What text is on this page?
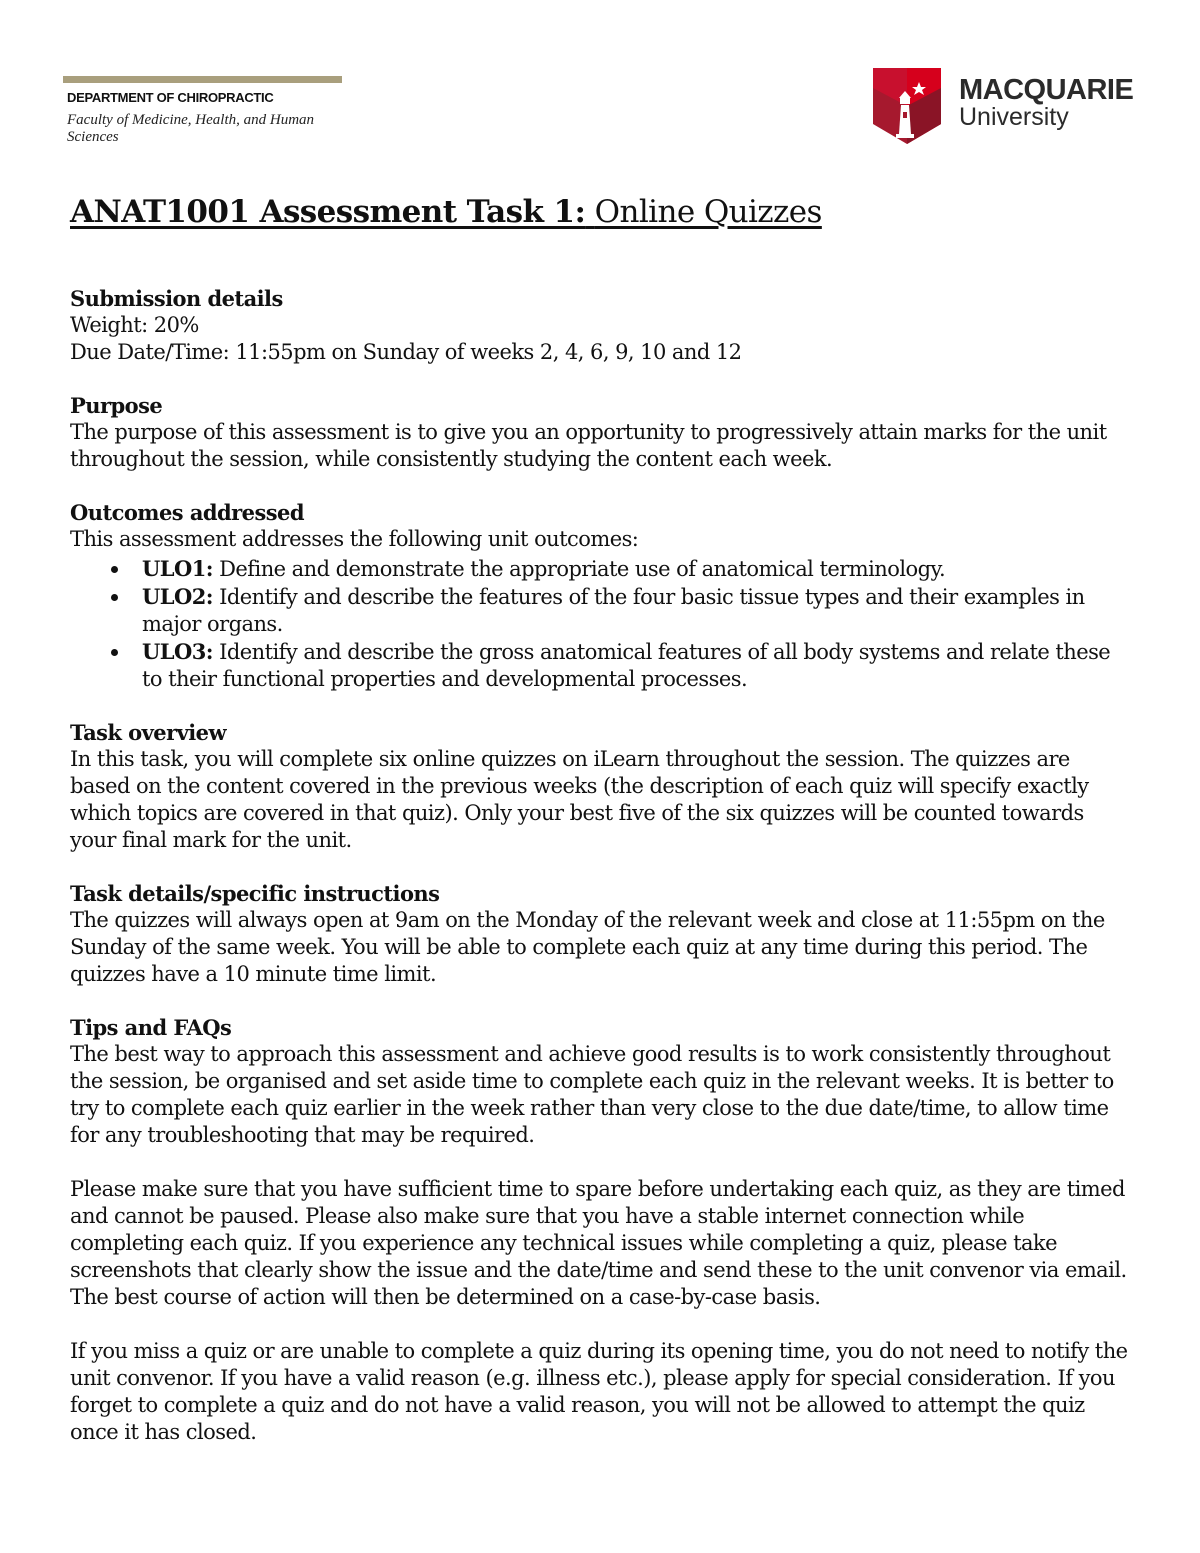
DEPARTMENT OF CHIROPRACTIC
Faculty of Medicine, Health, and Human Sciences
MACQUARIE
University
ANAT1001 Assessment Task 1: Online Quizzes

Submission details

Weight: 20%

Due Date/Time: 11:55pm on Sunday of weeks 2, 4, 6, 9, 10 and 12

Purpose

The purpose of this assessment is to give you an opportunity to progressively attain marks for the unit throughout the session, while consistently studying the content each week.

Outcomes addressed

This assessment addresses the following unit outcomes:

ULO1: Define and demonstrate the appropriate use of anatomical terminology.
ULO2: Identify and describe the features of the four basic tissue types and their examples in major organs.
ULO3: Identify and describe the gross anatomical features of all body systems and relate these to their functional properties and developmental processes.

Task overview

In this task, you will complete six online quizzes on iLearn throughout the session. The quizzes are based on the content covered in the previous weeks (the description of each quiz will specify exactly which topics are covered in that quiz). Only your best five of the six quizzes will be counted towards your final mark for the unit.

Task details/specific instructions

The quizzes will always open at 9am on the Monday of the relevant week and close at 11:55pm on the Sunday of the same week. You will be able to complete each quiz at any time during this period. The quizzes have a 10 minute time limit.

Tips and FAQs

The best way to approach this assessment and achieve good results is to work consistently throughout the session, be organised and set aside time to complete each quiz in the relevant weeks. It is better to try to complete each quiz earlier in the week rather than very close to the due date/time, to allow time for any troubleshooting that may be required.

Please make sure that you have sufficient time to spare before undertaking each quiz, as they are timed and cannot be paused. Please also make sure that you have a stable internet connection while completing each quiz. If you experience any technical issues while completing a quiz, please take screenshots that clearly show the issue and the date/time and send these to the unit convenor via email. The best course of action will then be determined on a case-by-case basis.

If you miss a quiz or are unable to complete a quiz during its opening time, you do not need to notify the unit convenor. If you have a valid reason (e.g. illness etc.), please apply for special consideration. If you forget to complete a quiz and do not have a valid reason, you will not be allowed to attempt the quiz once it has closed.
